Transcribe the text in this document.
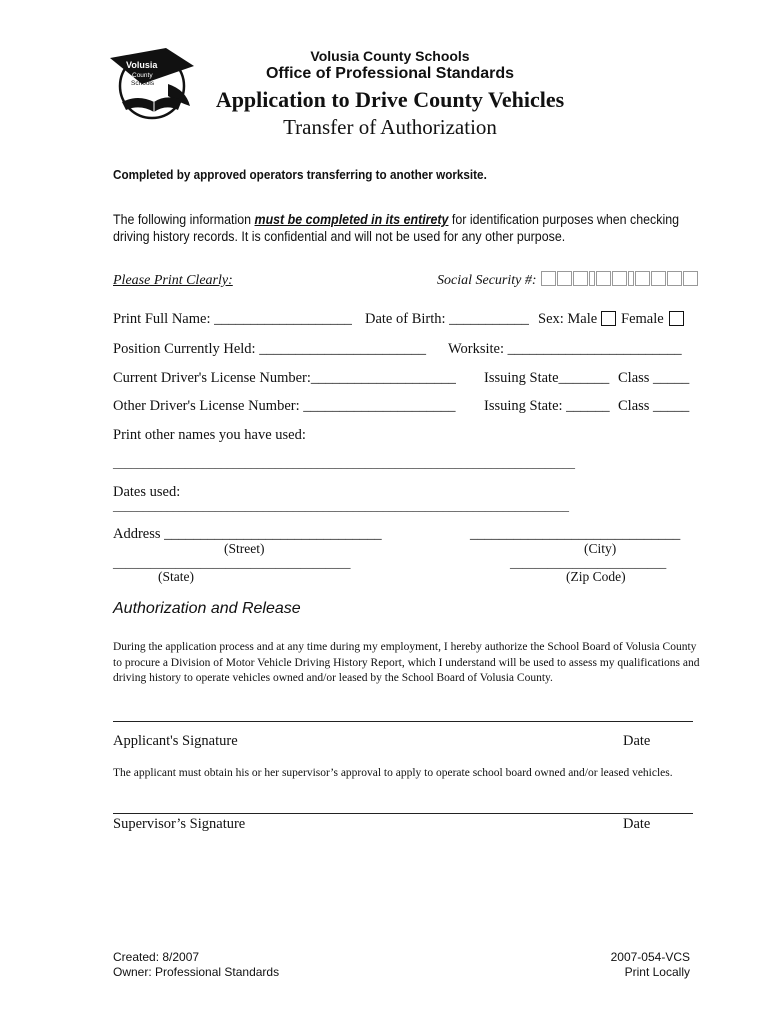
Volusia
County
Schools
Volusia County Schools
Office of Professional Standards
Application to Drive County Vehicles
Transfer of Authorization
Completed by approved operators transferring to another worksite.
The following information must be completed in its entirety for identification purposes when checking driving history records. It is confidential and will not be used for any other purpose.
Please Print Clearly:	Social Security #:
Print Full Name: ___________________ Date of Birth: ___________ Sex: Male Female
Position Currently Held: _______________________ Worksite: ________________________
Current Driver's License Number:____________________ Issuing State_______ Class _____
Other Driver's License Number: _____________________ Issuing State: ______ Class _____
Print other names you have used:
_____________________________________________________________________________
Dates used:
____________________________________________________________________________
Address ______________________________	_____________________________
(Street)	(City)
______________________________________	_________________________
(State)	(Zip Code)
Authorization and Release
During the application process and at any time during my employment, I hereby authorize the School Board of Volusia County to procure a Division of Motor Vehicle Driving History Report, which I understand will be used to assess my qualifications and driving history to operate vehicles owned and/or leased by the School Board of Volusia County.
Applicant's Signature	Date
The applicant must obtain his or her supervisor’s approval to apply to operate school board owned and/or leased vehicles.
Supervisor’s Signature	Date
Created: 8/2007
Owner: Professional Standards
2007-054-VCS
Print Locally
